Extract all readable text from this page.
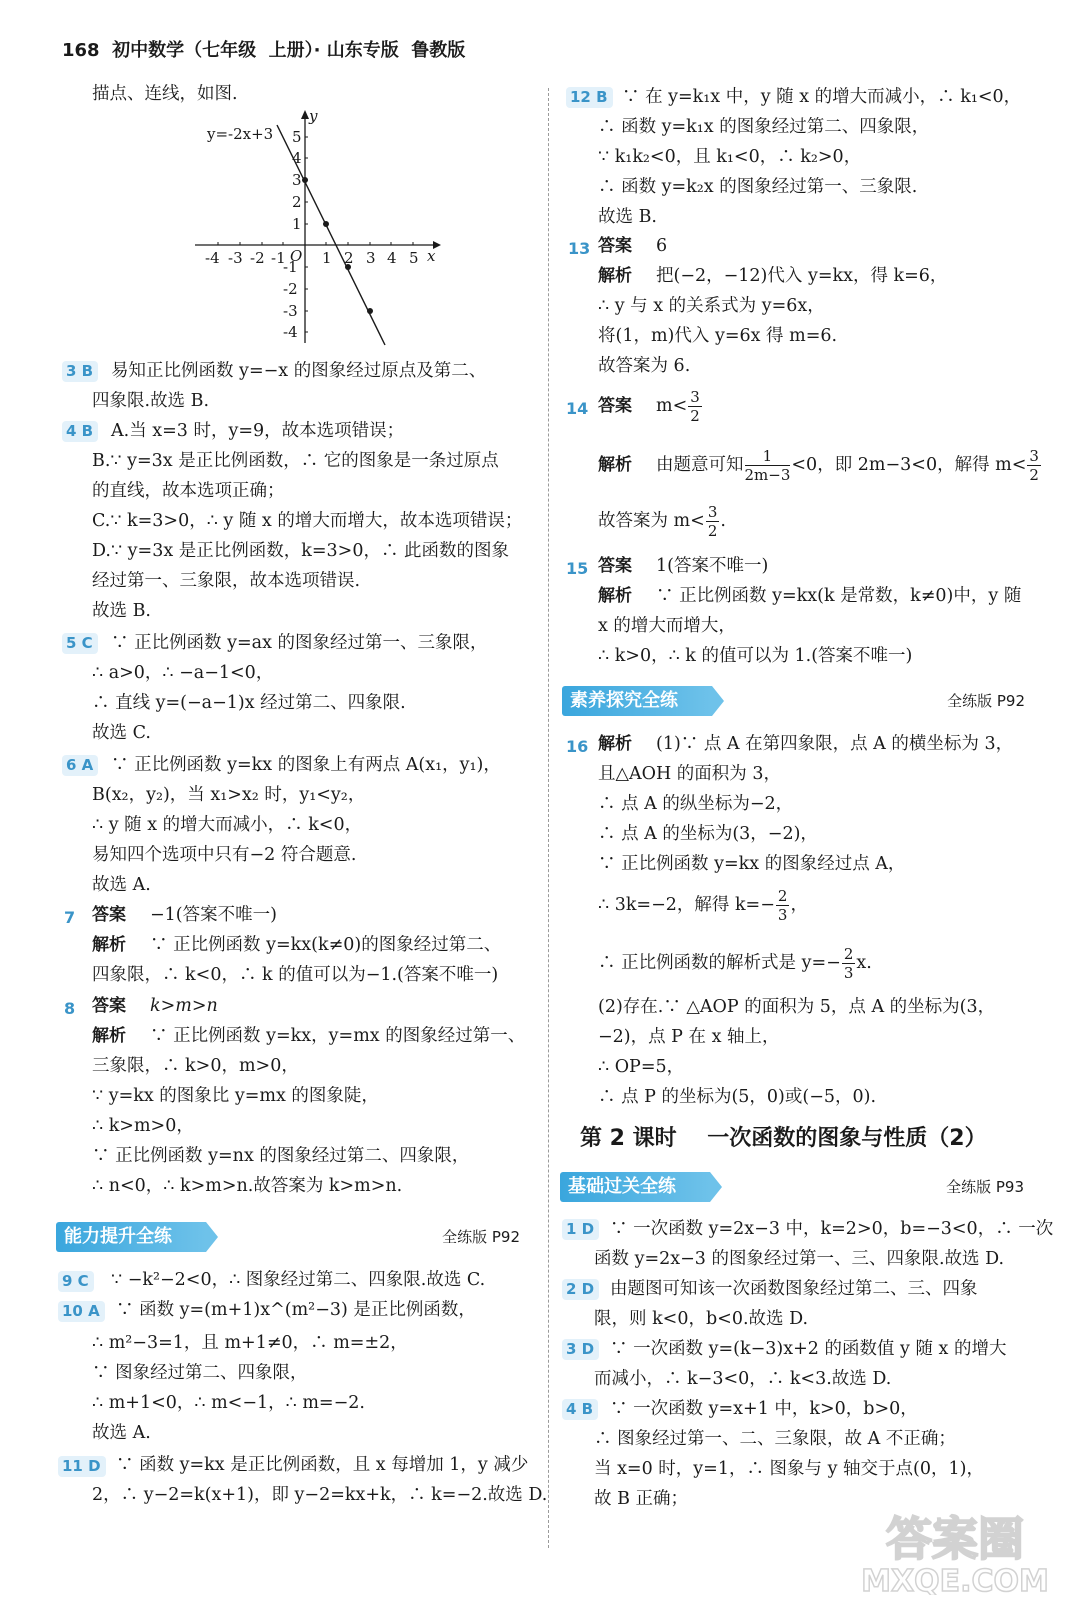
168  初中数学（七年级  上册）· 山东专版  鲁教版
描点、连线，如图.
y=-2x+3
x
y
O
-4 -3 -2 -1 1 2 3 4 5
5
4
3
2
1
-1
-2
-3
-4
3 B 易知正比例函数 y=−x 的图象经过原点及第二、
四象限.故选 B.
4 B A.当 x=3 时，y=9，故本选项错误；
B.∵ y=3x 是正比例函数，∴ 它的图象是一条过原点
的直线，故本选项正确；
C.∵ k=3>0，∴ y 随 x 的增大而增大，故本选项错误；
D.∵ y=3x 是正比例函数，k=3>0，∴ 此函数的图象
经过第一、三象限，故本选项错误.
故选 B.
5 C ∵ 正比例函数 y=ax 的图象经过第一、三象限，
∴ a>0，∴ −a−1<0，
∴ 直线 y=(−a−1)x 经过第二、四象限.
故选 C.
6 A ∵ 正比例函数 y=kx 的图象上有两点 A(x₁，y₁)，
B(x₂，y₂)，当 x₁>x₂ 时，y₁<y₂，
∴ y 随 x 的增大而减小，∴ k<0，
易知四个选项中只有−2 符合题意.
故选 A.
7 答案 −1(答案不唯一)
解析 ∵ 正比例函数 y=kx(k≠0)的图象经过第二、
四象限，∴ k<0，∴ k 的值可以为−1.(答案不唯一)
8 答案 k>m>n
解析 ∵ 正比例函数 y=kx，y=mx 的图象经过第一、
三象限，∴ k>0，m>0，
∵ y=kx 的图象比 y=mx 的图象陡，
∴ k>m>0，
∵ 正比例函数 y=nx 的图象经过第二、四象限，
∴ n<0，∴ k>m>n.故答案为 k>m>n.
能力提升全练	全练版 P92
9 C ∵ −k²−2<0，∴ 图象经过第二、四象限.故选 C.
10 A ∵ 函数 y=(m+1)x^(m²−3) 是正比例函数，
∴ m²−3=1，且 m+1≠0，∴ m=±2，
∵ 图象经过第二、四象限，
∴ m+1<0，∴ m<−1，∴ m=−2.
故选 A.
11 D ∵ 函数 y=kx 是正比例函数，且 x 每增加 1，y 减少
2，∴ y−2=k(x+1)，即 y−2=kx+k，∴ k=−2.故选 D.
12 B ∵ 在 y=k₁x 中，y 随 x 的增大而减小，∴ k₁<0，
∴ 函数 y=k₁x 的图象经过第二、四象限，
∵ k₁k₂<0，且 k₁<0，∴ k₂>0，
∴ 函数 y=k₂x 的图象经过第一、三象限.
故选 B.
13 答案 6
解析 把(−2，−12)代入 y=kx，得 k=6，
∴ y 与 x 的关系式为 y=6x，
将(1，m)代入 y=6x 得 m=6.
故答案为 6.
14 答案 $m< \frac{3}{2}$
解析 由题意可知 $\frac{1}{2m-3} <0$，即 2m−3<0，解得 $m< \frac{3}{2}$
故答案为 $m< \frac{3}{2}$ .
15 答案 1(答案不唯一)
解析 ∵ 正比例函数 y=kx(k 是常数，k≠0)中，y 随
x 的增大而增大，
∴ k>0，∴ k 的值可以为 1.(答案不唯一)
素养探究全练	全练版 P92
16 解析 (1)∵ 点 A 在第四象限，点 A 的横坐标为 3，
且△AOH 的面积为 3，
∴ 点 A 的纵坐标为−2，
∴ 点 A 的坐标为(3，−2)，
∵ 正比例函数 y=kx 的图象经过点 A，
∴ 3k=−2，解得 $k=- \frac{2}{3}$ ，
∴ 正比例函数的解析式是 $y=- \frac{2}{3} x$.
(2)存在.∵ △AOP 的面积为 5，点 A 的坐标为(3，
−2)，点 P 在 x 轴上，
∴ OP=5，
∴ 点 P 的坐标为(5，0)或(−5，0).
第 2 课时    一次函数的图象与性质（2）
基础过关全练	全练版 P93
1 D ∵ 一次函数 y=2x−3 中，k=2>0，b=−3<0，∴ 一次
函数 y=2x−3 的图象经过第一、三、四象限.故选 D.
2 D 由题图可知该一次函数图象经过第二、三、四象
限，则 k<0，b<0.故选 D.
3 D ∵ 一次函数 y=(k−3)x+2 的函数值 y 随 x 的增大
而减小，∴ k−3<0，∴ k<3.故选 D.
4 B ∵ 一次函数 y=x+1 中，k>0，b>0，
∴ 图象经过第一、二、三象限，故 A 不正确；
当 x=0 时，y=1，∴ 图象与 y 轴交于点(0，1)，
故 B 正确；
答案圈
MXQE.COM
